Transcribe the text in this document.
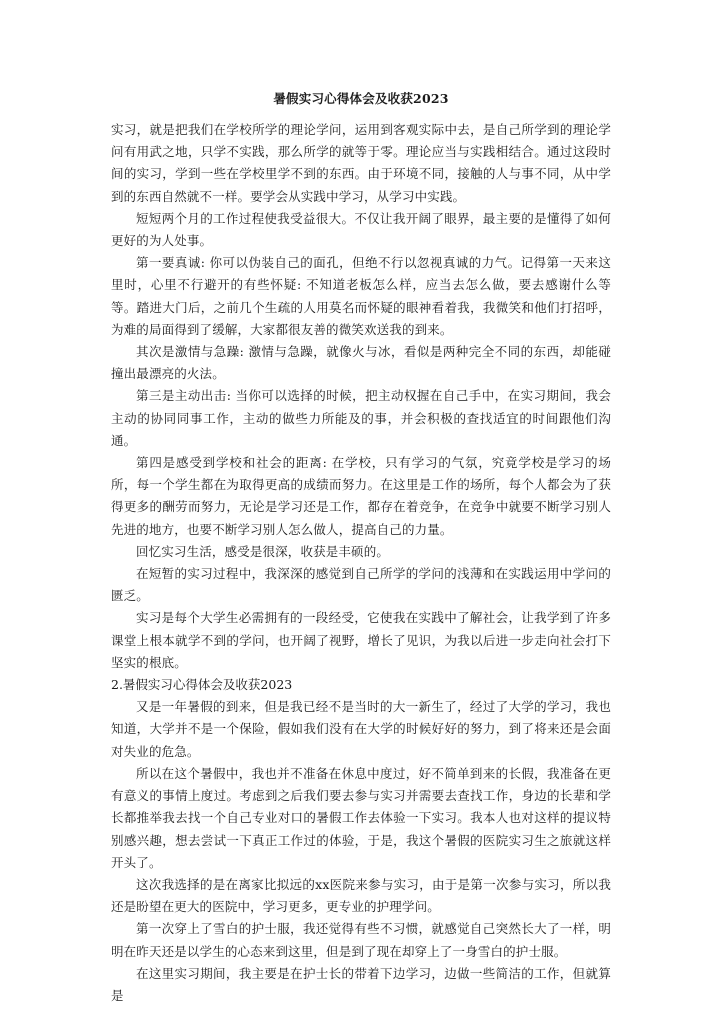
暑假实习心得体会及收获2023

实习，就是把我们在学校所学的理论学问，运用到客观实际中去，是自己所学到的理论学问有用武之地，只学不实践，那么所学的就等于零。理论应当与实践相结合。通过这段时间的实习，学到一些在学校里学不到的东西。由于环境不同，接触的人与事不同，从中学到的东西自然就不一样。要学会从实践中学习，从学习中实践。

短短两个月的工作过程使我受益很大。不仅让我开阔了眼界，最主要的是懂得了如何更好的为人处事。

第一要真诚: 你可以伪装自己的面孔，但绝不行以忽视真诚的力气。记得第一天来这里时，心里不行避开的有些怀疑: 不知道老板怎么样，应当去怎么做，要去感谢什么等等。踏进大门后，之前几个生疏的人用莫名而怀疑的眼神看着我，我微笑和他们打招呼，为难的局面得到了缓解，大家都很友善的微笑欢送我的到来。

其次是激情与急躁: 激情与急躁，就像火与冰，看似是两种完全不同的东西，却能碰撞出最漂亮的火法。

第三是主动出击: 当你可以选择的时候，把主动权握在自己手中，在实习期间，我会主动的协同同事工作，主动的做些力所能及的事，并会积极的查找适宜的时间跟他们沟通。

第四是感受到学校和社会的距离: 在学校，只有学习的气氛，究竟学校是学习的场所，每一个学生都在为取得更高的成绩而努力。在这里是工作的场所，每个人都会为了获得更多的酬劳而努力，无论是学习还是工作，都存在着竞争，在竞争中就要不断学习别人先进的地方，也要不断学习别人怎么做人，提高自己的力量。

回忆实习生活，感受是很深，收获是丰硕的。

在短暂的实习过程中，我深深的感觉到自己所学的学问的浅薄和在实践运用中学问的匮乏。

实习是每个大学生必需拥有的一段经受，它使我在实践中了解社会，让我学到了许多课堂上根本就学不到的学问，也开阔了视野，增长了见识，为我以后进一步走向社会打下坚实的根底。

2.暑假实习心得体会及收获2023

又是一年暑假的到来，但是我已经不是当时的大一新生了，经过了大学的学习，我也知道，大学并不是一个保险，假如我们没有在大学的时候好好的努力，到了将来还是会面对失业的危急。

所以在这个暑假中，我也并不准备在休息中度过，好不简单到来的长假，我准备在更有意义的事情上度过。考虑到之后我们要去参与实习并需要去查找工作，身边的长辈和学长都推举我去找一个自己专业对口的暑假工作去体验一下实习。我本人也对这样的提议特别感兴趣，想去尝试一下真正工作过的体验，于是，我这个暑假的医院实习生之旅就这样开头了。

这次我选择的是在离家比拟远的xx医院来参与实习，由于是第一次参与实习，所以我还是盼望在更大的医院中，学习更多，更专业的护理学问。

第一次穿上了雪白的护士服，我还觉得有些不习惯，就感觉自己突然长大了一样，明明在昨天还是以学生的心态来到这里，但是到了现在却穿上了一身雪白的护士服。

在这里实习期间，我主要是在护士长的带着下边学习，边做一些简洁的工作，但就算是
